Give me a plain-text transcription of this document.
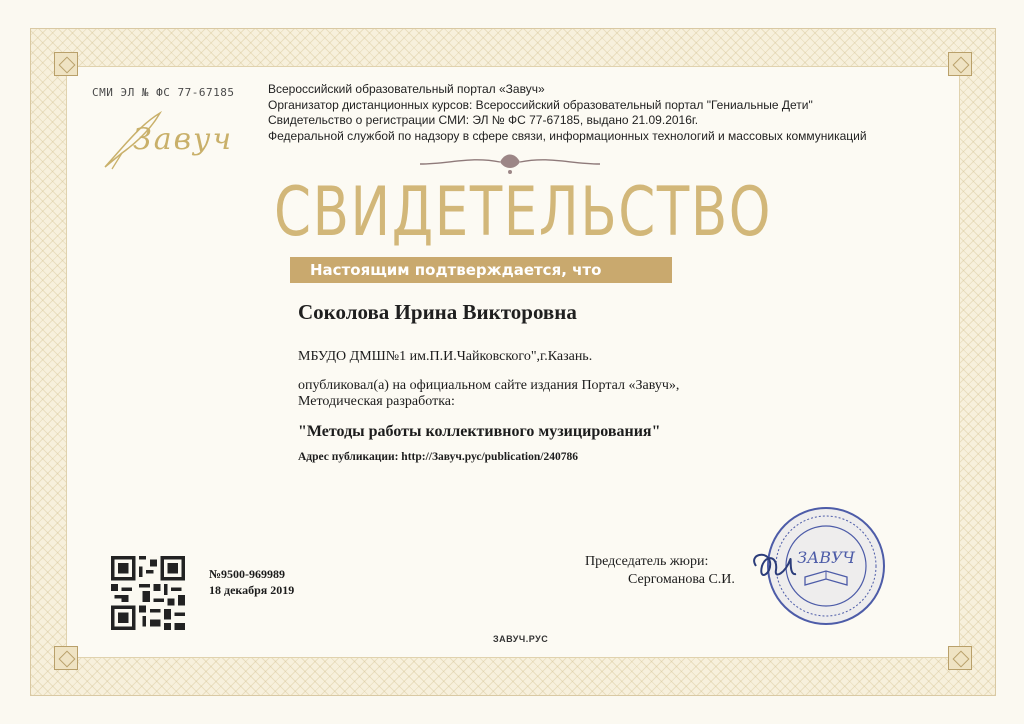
СМИ ЭЛ № ФС 77-67185
Завуч
Всероссийский образовательный портал «Завуч»
Организатор дистанционных курсов: Всероссийский образовательный портал "Гениальные Дети"
Свидетельство о регистрации СМИ: ЭЛ № ФС 77-67185, выдано 21.09.2016г.
Федеральной службой по надзору в сфере связи, информационных технологий и массовых коммуникаций
СВИДЕТЕЛЬСТВО
Настоящим подтверждается, что
Соколова Ирина Викторовна
МБУДО ДМШ№1 им.П.И.Чайковского",г.Казань.
опубликовал(а) на официальном сайте издания Портал «Завуч»,
Методическая разработка:
"Методы работы коллективного музицирования"
Адрес публикации: http://Завуч.рус/publication/240786
№9500-969989
18 декабря 2019
Председатель жюри:
Сергоманова С.И.
ЗАВУЧ
ЗАВУЧ.РУС
